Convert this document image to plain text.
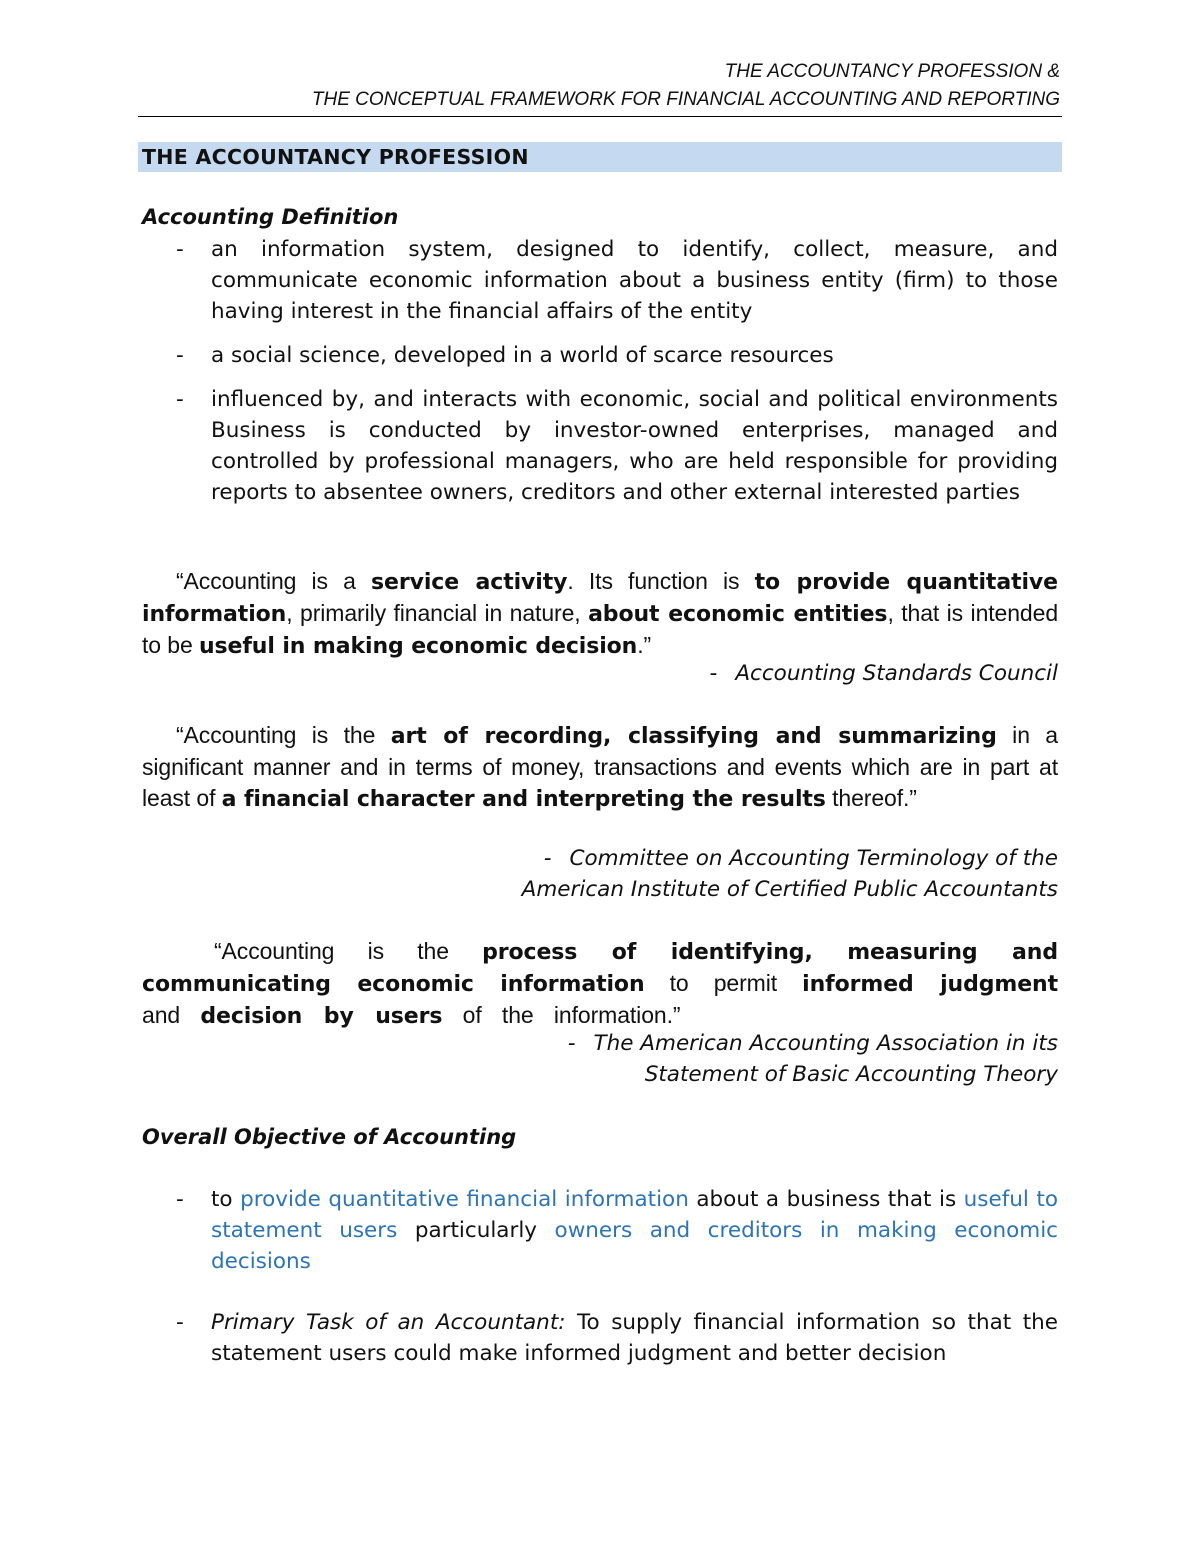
THE ACCOUNTANCY PROFESSION &
THE CONCEPTUAL FRAMEWORK FOR FINANCIAL ACCOUNTING AND REPORTING
THE ACCOUNTANCY PROFESSION
Accounting Definition
- an information system, designed to identify, collect, measure, and communicate economic information about a business entity (firm) to those having interest in the financial affairs of the entity
- a social science, developed in a world of scarce resources
- influenced by, and interacts with economic, social and political environments Business is conducted by investor-owned enterprises, managed and controlled by professional managers, who are held responsible for providing reports to absentee owners, creditors and other external interested parties

“Accounting is a service activity. Its function is to provide quantitative information, primarily financial in nature, about economic entities, that is intended to be useful in making economic decision.”

- Accounting Standards Council

“Accounting is the art of recording, classifying and summarizing in a significant manner and in terms of money, transactions and events which are in part at least of a financial character and interpreting the results thereof.”

- Committee on Accounting Terminology of the
American Institute of Certified Public Accountants

“Accounting is the process of identifying, measuring and communicating economic information to permit informed judgment and decision by users of the information.”

- The American Accounting Association in its
Statement of Basic Accounting Theory
Overall Objective of Accounting
- to provide quantitative financial information about a business that is useful to statement users particularly owners and creditors in making economic decisions
- Primary Task of an Accountant: To supply financial information so that the statement users could make informed judgment and better decision
